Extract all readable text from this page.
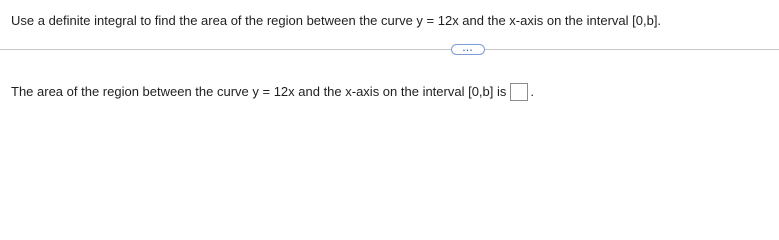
Use a definite integral to find the area of the region between the curve y = 12x and the x-axis on the interval [0,b].
...
The area of the region between the curve y = 12x and the x-axis on the interval [0,b] is .
